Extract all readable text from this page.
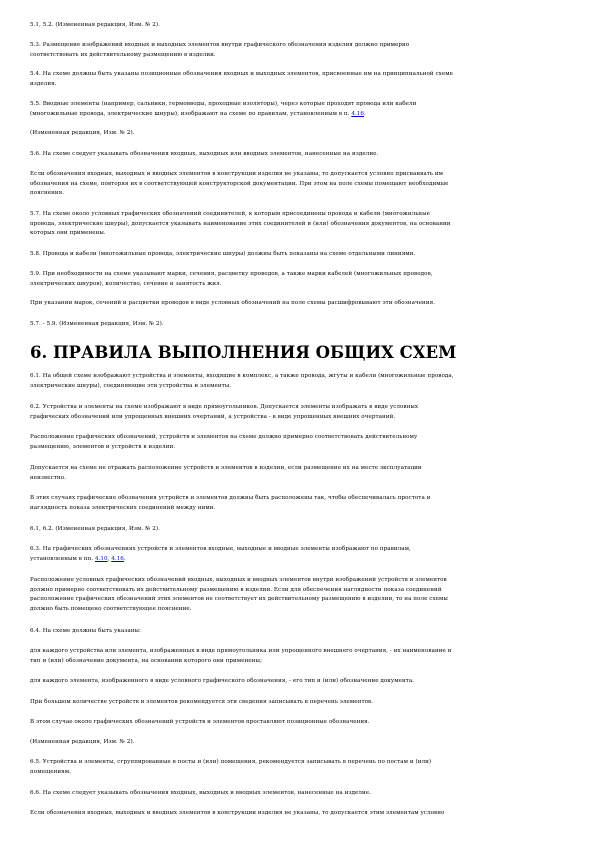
6. ПРАВИЛА ВЫПОЛНЕНИЯ ОБЩИХ СХЕМ

5.1, 5.2. (Измененная редакция, Изм. № 2).

5.3. Размещение изображений входных и выходных элементов внутри графического обозначения изделия должно примерно
соответствовать их действительному размещению в изделии.

5.4. На схеме должны быть указаны позиционные обозначения входных и выходных элементов, присвоенные им на принципиальной схеме
изделия.

5.5. Вводные элементы (например, сальники, гермовводы, проходные изоляторы), через которые проходят провода или кабели
(многожильные провода, электрические шнуры), изображают на схеме по правилам, установленным в п. 4.16.

(Измененная редакция, Изм. № 2).

5.6. На схеме следует указывать обозначения входных, выходных или вводных элементов, нанесенные на изделие.

Если обозначения входных, выходных и вводных элементов в конструкции изделия не указаны, то допускается условно присваивать им
обозначения на схеме, повторяя их в соответствующей конструкторской документации. При этом на поле схемы помещают необходимые
пояснения.

5.7. На схеме около условных графических обозначений соединителей, к которым присоединены провода и кабели (многожильные
провода, электрические шнуры), допускается указывать наименование этих соединителей и (или) обозначения документов, на основании
которых они применены.

5.8. Провода и кабели (многожильные провода, электрические шнуры) должны быть показаны на схеме отдельными линиями.

5.9. При необходимости на схеме указывают марки, сечения, расцветку проводов, а также марки кабелей (многожильных проводов,
электрических шнуров), количество, сечение и занятость жил.

При указании марок, сечений и расцветки проводов в виде условных обозначений на поле схемы расшифровывают эти обозначения.

5.7. - 5.9. (Измененная редакция, Изм. № 2).

6.1. На общей схеме изображают устройства и элементы, входящие в комплекс, а также провода, жгуты и кабели (многожильные провода,
электрические шнуры), соединяющие эти устройства и элементы.

6.2. Устройства и элементы на схеме изображают в виде прямоугольников. Допускается элементы изображать в виде условных
графических обозначений или упрощенных внешних очертаний, а устройства - в виде упрощенных внешних очертаний.

Расположение графических обозначений, устройств и элементов на схеме должно примерно соответствовать действительному
размещению, элементов и устройств в изделии.

Допускается на схеме не отражать расположение устройств и элементов в изделии, если размещение их на месте эксплуатации
неизвестно.

В этих случаях графические обозначения устройств и элементов должны быть расположены так, чтобы обеспечивалась простота и
наглядность показа электрических соединений между ними.

6.1, 6.2. (Измененная редакция, Изм. № 2).

6.3. На графических обозначениях устройств и элементов входные, выходные и вводные элементы изображают по правилам,
установленным в пп. 4.10, 4.16.

Расположение условных графических обозначений входных, выходных и вводных элементов внутри изображений устройств и элементов
должно примерно соответствовать их действительному размещению в изделии. Если для обеспечения наглядности показа соединений
расположение графических обозначений этих элементов не соответствует их действительному размещению в изделии, то на поле схемы
должно быть помещено соответствующее пояснение.

6.4. На схеме должны быть указаны:

для каждого устройства или элемента, изображенных в виде прямоугольника или упрощенного внешнего очертания, - их наименование и
тип и (или) обозначение документа, на основании которого они применены;

для каждого элемента, изображенного в виде условного графического обозначения, - его тип и (или) обозначение документа.

При большом количестве устройств и элементов рекомендуется эти сведения записывать в перечень элементов.

В этом случае около графических обозначений устройств и элементов проставляют позиционные обозначения.

(Измененная редакция, Изм. № 2).

6.5. Устройства и элементы, сгруппированные в посты и (или) помещения, рекомендуется записывать в перечень по постам и (или)
помещениям.

6.6. На схеме следует указывать обозначения входных, выходных и вводных элементов, нанесенные на изделие.

Если обозначения входных, выходных и вводных элементов в конструкции изделия не указаны, то допускается этим элементам условно
